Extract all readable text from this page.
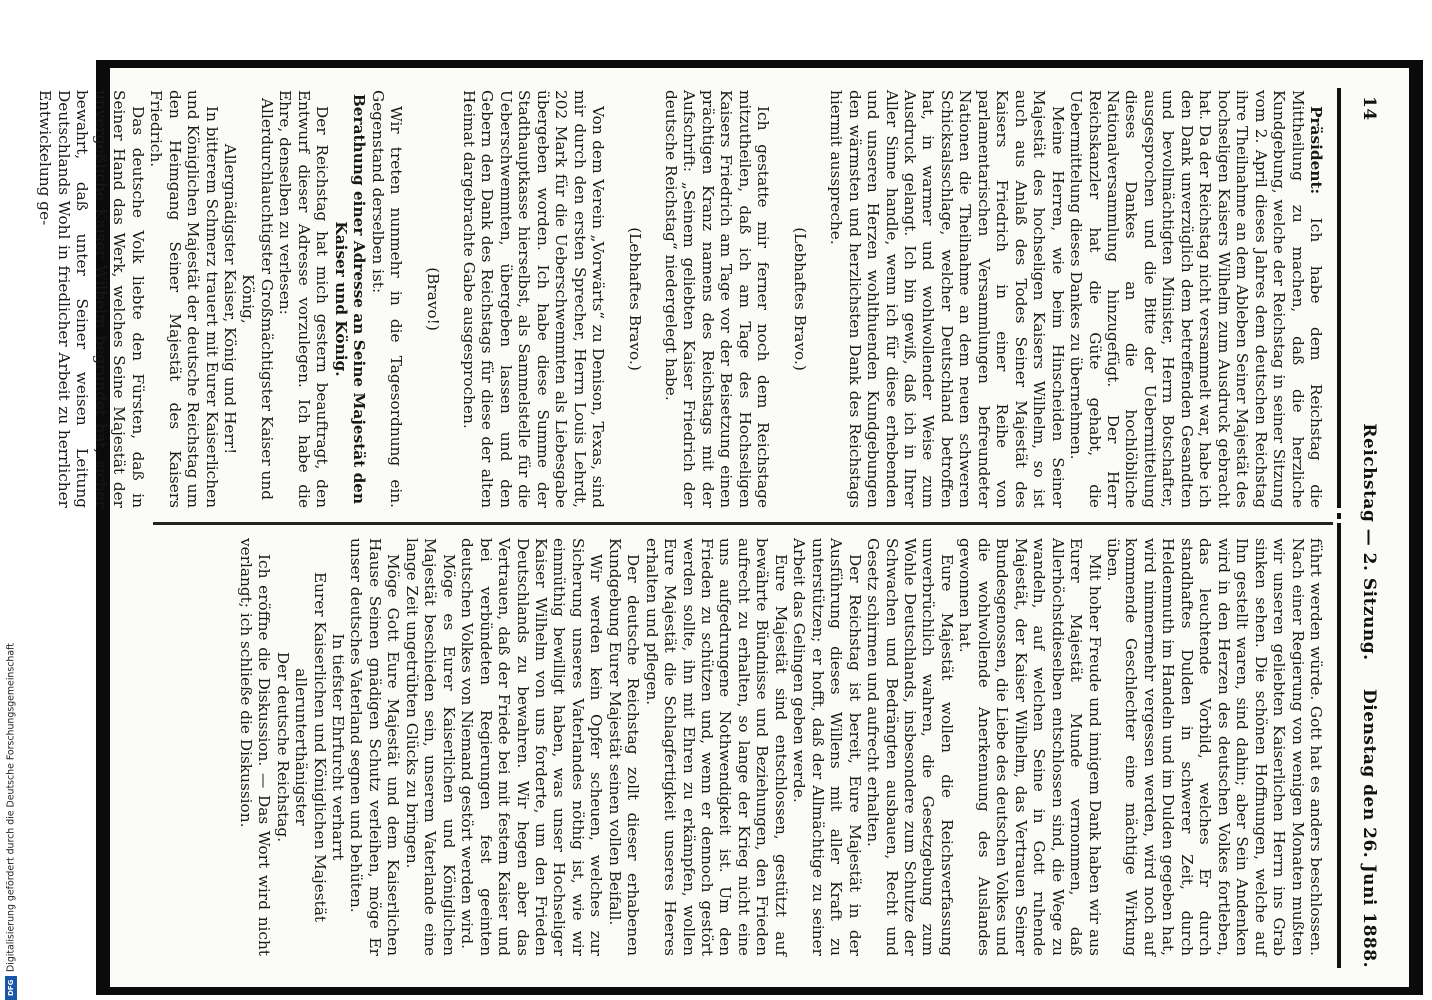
DFG
Digitalisierung gefördert durch die Deutsche Forschungsgemeinschaft
14
Reichstag — 2. Sitzung.
Dienstag den 26. Juni 1888.

Präsident: Ich habe dem Reichstag die Mittheilung zu machen, daß die herzliche Kundgebung, welche der Reichstag in seiner Sitzung vom 2. April dieses Jahres dem deutschen Reichstag ihre Theilnahme an dem Ableben Seiner Majestät des hochseligen Kaisers Wilhelm zum Ausdruck gebracht hat. Da der Reichstag nicht versammelt war, habe ich den Dank unverzüglich dem betreffenden Gesandten und bevollmächtigten Minister, Herrn Botschafter, ausgesprochen und die Bitte der Uebermittelung dieses Dankes an die hochlöbliche Nationalversammlung hinzugefügt. Der Herr Reichskanzler hat die Güte gehabt, die Uebermittelung dieses Dankes zu übernehmen.

Meine Herren, wie beim Hinscheiden Seiner Majestät des hochseligen Kaisers Wilhelm, so ist auch aus Anlaß des Todes Seiner Majestät des Kaisers Friedrich in einer Reihe von parlamentarischen Versammlungen befreundeter Nationen die Theilnahme an dem neuen schweren Schicksalsschlage, welcher Deutschland betroffen hat, in warmer und wohlwollender Weise zum Ausdruck gelangt. Ich bin gewiß, daß ich in Ihrer Aller Sinne handle, wenn ich für diese erhebenden und unseren Herzen wohlthuenden Kundgebungen den wärmsten und herzlichsten Dank des Reichstags hiermit ausspreche.

(Lebhaftes Bravo.)

Ich gestatte mir ferner noch dem Reichstage mitzutheilen, daß ich am Tage des Hochseligen Kaisers Friedrich am Tage vor der Beisetzung einen prächtigen Kranz namens des Reichstags mit der Aufschrift: „Seinem geliebten Kaiser Friedrich der deutsche Reichstag“ niedergelegt habe.

(Lebhaftes Bravo.)

Von dem Verein „Vorwärts“ zu Denison, Texas, sind mir durch den ersten Sprecher, Herrn Louis Lehrdt, 202 Mark für die Ueberschwemmten als Liebesgabe übergeben worden. Ich habe diese Summe der Stadthauptkasse hierselbst, als Sammelstelle für die Ueberschwemmten, übergeben lassen und den Gebern den Dank des Reichstags für diese der alten Heimat dargebrachte Gabe ausgesprochen.

(Bravo!)

Wir treten nunmehr in die Tagesordnung ein. Gegenstand derselben ist:

Berathung einer Adresse an Seine Majestät den Kaiser und König.

Der Reichstag hat mich gestern beauftragt, den Entwurf dieser Adresse vorzulegen. Ich habe die Ehre, denselben zu verlesen:

Allerdurchlauchtigster Großmächtigster Kaiser und König,

Allergnädigster Kaiser, König und Herr!

In bitterem Schmerz trauert mit Eurer Kaiserlichen und Königlichen Majestät der deutsche Reichstag um den Heimgang Seiner Majestät des Kaisers Friedrich.

Das deutsche Volk liebte den Fürsten, daß in Seiner Hand das Werk, welches Seine Majestät der unvergeßliche Kaiser Wilhelm begründet hat, sicher bewahrt, daß unter Seiner weisen Leitung Deutschlands Wohl in friedlicher Arbeit zu herrlicher Entwickelung ge-

führt werden würde. Gott hat es anders beschlossen. Nach einer Regierung von wenigen Monaten mußten wir unseren geliebten Kaiserlichen Herrn ins Grab sinken sehen. Die schönen Hoffnungen, welche auf Ihn gestellt waren, sind dahin; aber Sein Andenken wird in den Herzen des deutschen Volkes fortleben, das leuchtende Vorbild, welches Er durch standhaftes Dulden in schwerer Zeit, durch Heldenmuth im Handeln und im Dulden gegeben hat, wird nimmermehr vergessen werden, wird noch auf kommende Geschlechter eine mächtige Wirkung üben.

Mit hoher Freude und innigem Dank haben wir aus Eurer Majestät Munde vernommen, daß Allerhöchstdieselben entschlossen sind, die Wege zu wandeln, auf welchen Seine in Gott ruhende Majestät, der Kaiser Wilhelm, das Vertrauen Seiner Bundesgenossen, die Liebe des deutschen Volkes und die wohlwollende Anerkennung des Auslandes gewonnen hat.

Eure Majestät wollen die Reichsverfassung unverbrüchlich wahren, die Gesetzgebung zum Wohle Deutschlands, insbesondere zum Schutze der Schwachen und Bedrängten ausbauen, Recht und Gesetz schirmen und aufrecht erhalten.

Der Reichstag ist bereit, Eure Majestät in der Ausführung dieses Willens mit aller Kraft zu unterstützen; er hofft, daß der Allmächtige zu seiner Arbeit das Gelingen geben werde.

Eure Majestät sind entschlossen, gestützt auf bewährte Bündnisse und Beziehungen, den Frieden aufrecht zu erhalten, so lange der Krieg nicht eine uns aufgedrungene Nothwendigkeit ist. Um den Frieden zu schützen und, wenn er dennoch gestört werden sollte, ihn mit Ehren zu erkämpfen, wollen Eure Majestät die Schlagfertigkeit unseres Heeres erhalten und pflegen.

Der deutsche Reichstag zollt dieser erhabenen Kundgebung Eurer Majestät seinen vollen Beifall.

Wir werden kein Opfer scheuen, welches zur Sicherung unseres Vaterlandes nöthig ist, wie wir einmüthig bewilligt haben, was unser Hochseliger Kaiser Wilhelm von uns forderte, um den Frieden Deutschlands zu bewahren. Wir hegen aber das Vertrauen, daß der Friede bei mit festem Kaiser und bei verbündeten Regierungen fest geeinten deutschen Volkes von Niemand gestört werden wird.

Möge es Eurer Kaiserlichen und Königlichen Majestät beschieden sein, unserem Vaterlande eine lange Zeit ungetrübten Glücks zu bringen.

Möge Gott Eure Majestät und dem Kaiserlichen Hause Seinen gnädigen Schutz verleihen, möge Er unser deutsches Vaterland segnen und behüten.

In tiefster Ehrfurcht verharrt

Eurer Kaiserlichen und Königlichen Majestät

allerunterthänigster

Der deutsche Reichstag.

Ich eröffne die Diskussion. — Das Wort wird nicht verlangt; ich schließe die Diskussion.
